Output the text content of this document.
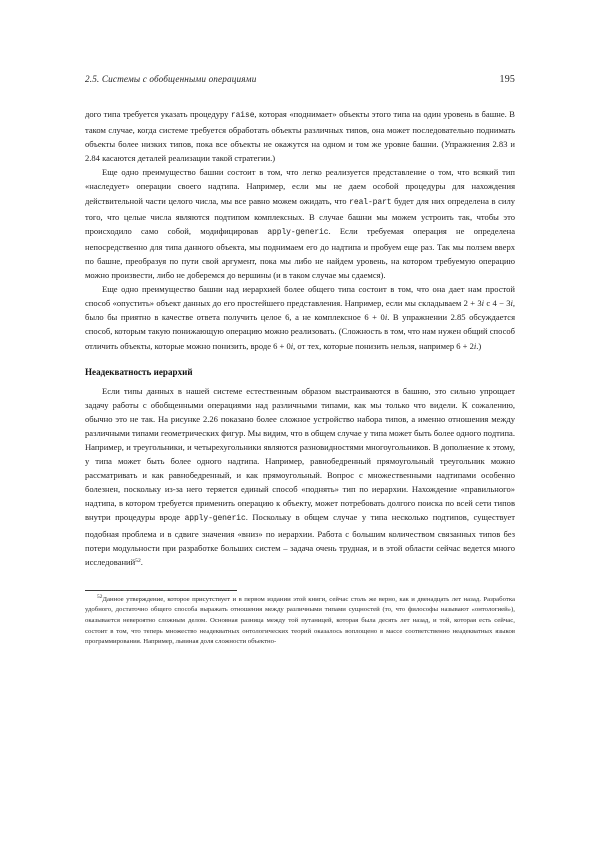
2.5. Системы с обобщенными операциями	195

дого типа требуется указать процедуру raise, которая «поднимает» объекты этого типа на один уровень в башне. В таком случае, когда системе требуется обработать объекты различных типов, она может последовательно поднимать объекты более низких типов, пока все объекты не окажутся на одном и том же уровне башни. (Упражнения 2.83 и 2.84 касаются деталей реализации такой стратегии.)

Еще одно преимущество башни состоит в том, что легко реализуется представление о том, что всякий тип «наследует» операции своего надтипа. Например, если мы не даем особой процедуры для нахождения действительной части целого числа, мы все равно можем ожидать, что real-part будет для них определена в силу того, что целые числа являются подтипом комплексных. В случае башни мы можем устроить так, чтобы это происходило само собой, модифицировав apply-generic. Если требуемая операция не определена непосредственно для типа данного объекта, мы поднимаем его до надтипа и пробуем еще раз. Так мы ползем вверх по башне, преобразуя по пути свой аргумент, пока мы либо не найдем уровень, на котором требуемую операцию можно произвести, либо не доберемся до вершины (и в таком случае мы сдаемся).

Еще одно преимущество башни над иерархией более общего типа состоит в том, что она дает нам простой способ «опустить» объект данных до его простейшего представления. Например, если мы складываем 2 + 3i с 4 − 3i, было бы приятно в качестве ответа получить целое 6, а не комплексное 6 + 0i. В упражнении 2.85 обсуждается способ, которым такую понижающую операцию можно реализовать. (Сложность в том, что нам нужен общий способ отличить объекты, которые можно понизить, вроде 6 + 0i, от тех, которые понизить нельзя, например 6 + 2i.)

Неадекватность иерархий

Если типы данных в нашей системе естественным образом выстраиваются в башню, это сильно упрощает задачу работы с обобщенными операциями над различными типами, как мы только что видели. К сожалению, обычно это не так. На рисунке 2.26 показано более сложное устройство набора типов, а именно отношения между различными типами геометрических фигур. Мы видим, что в общем случае у типа может быть более одного подтипа. Например, и треугольники, и четырехугольники являются разновидностями многоугольников. В дополнение к этому, у типа может быть более одного надтипа. Например, равнобедренный прямоугольный треугольник можно рассматривать и как равнобедренный, и как прямоугольный. Вопрос с множественными надтипами особенно болезнен, поскольку из-за него теряется единый способ «поднять» тип по иерархии. Нахождение «правильного» надтипа, в котором требуется применить операцию к объекту, может потребовать долгого поиска по всей сети типов внутри процедуры вроде apply-generic. Поскольку в общем случае у типа несколько подтипов, существует подобная проблема и в сдвиге значения «вниз» по иерархии. Работа с большим количеством связанных типов без потери модульности при разработке больших систем – задача очень трудная, и в этой области сейчас ведется много исследований$^{52}$.

$^{52}$Данное утверждение, которое присутствует и в первом издании этой книги, сейчас столь же верно, как и двенадцать лет назад. Разработка удобного, достаточно общего способа выражать отношения между различными типами сущностей (то, что философы называют «онтологией»), оказывается невероятно сложным делом. Основная разница между той путаницей, которая была десять лет назад, и той, которая есть сейчас, состоит в том, что теперь множество неадекватных онтологических теорий оказалось воплощено в массе соответственно неадекватных языков программирования. Например, львиная доля сложности объектно-
